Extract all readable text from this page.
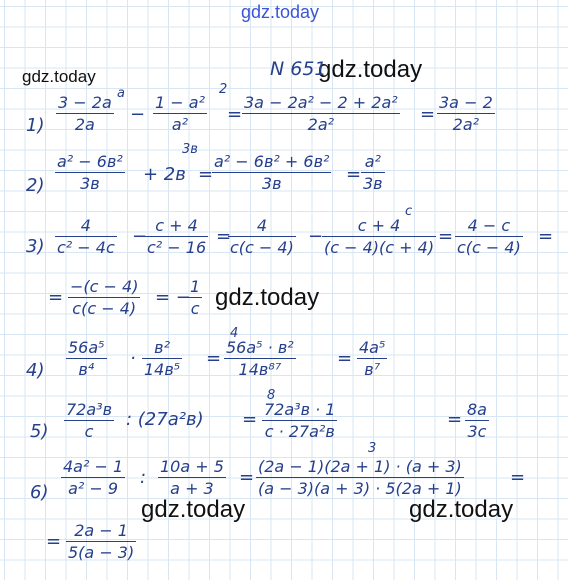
gdz.today
gdz.today	gdz.today
gdz.today
gdz.today	gdz.today
N 651
1)
3 − 2a
2a
a
−
1 − a²
a²
2
=
3a − 2a² − 2 + 2a²
2a²	=
3a − 2
2a²
2)
a² − 6в²
3в + 2в
3в
=
a² − 6в² + 6в²
3в	=
a²
3в
3)
4
c² − 4c
−
c + 4
c² − 16
=
4
c(c − 4)
−
c + 4
(c − 4)(c + 4)
c
=
4 − c
c(c − 4)
=
=
−(c − 4)
c(c − 4)
= −
1
c
4)
56a⁵
в⁴
·
в²
14в⁵
=
4
56a⁵ · в²
14в⁸⁷
=
4a⁵
в⁷
5)
72a³в
c
: (27a²в) =
8
72a³в · 1
c · 27a²в
3
= 8a
3c
6)
4a² − 1
a² − 9
:
10a + 5
a + 3
=
(2a − 1)(2a + 1) · (a + 3)
(a − 3)(a + 3) · 5(2a + 1)
=
=
2a − 1
5(a − 3)
